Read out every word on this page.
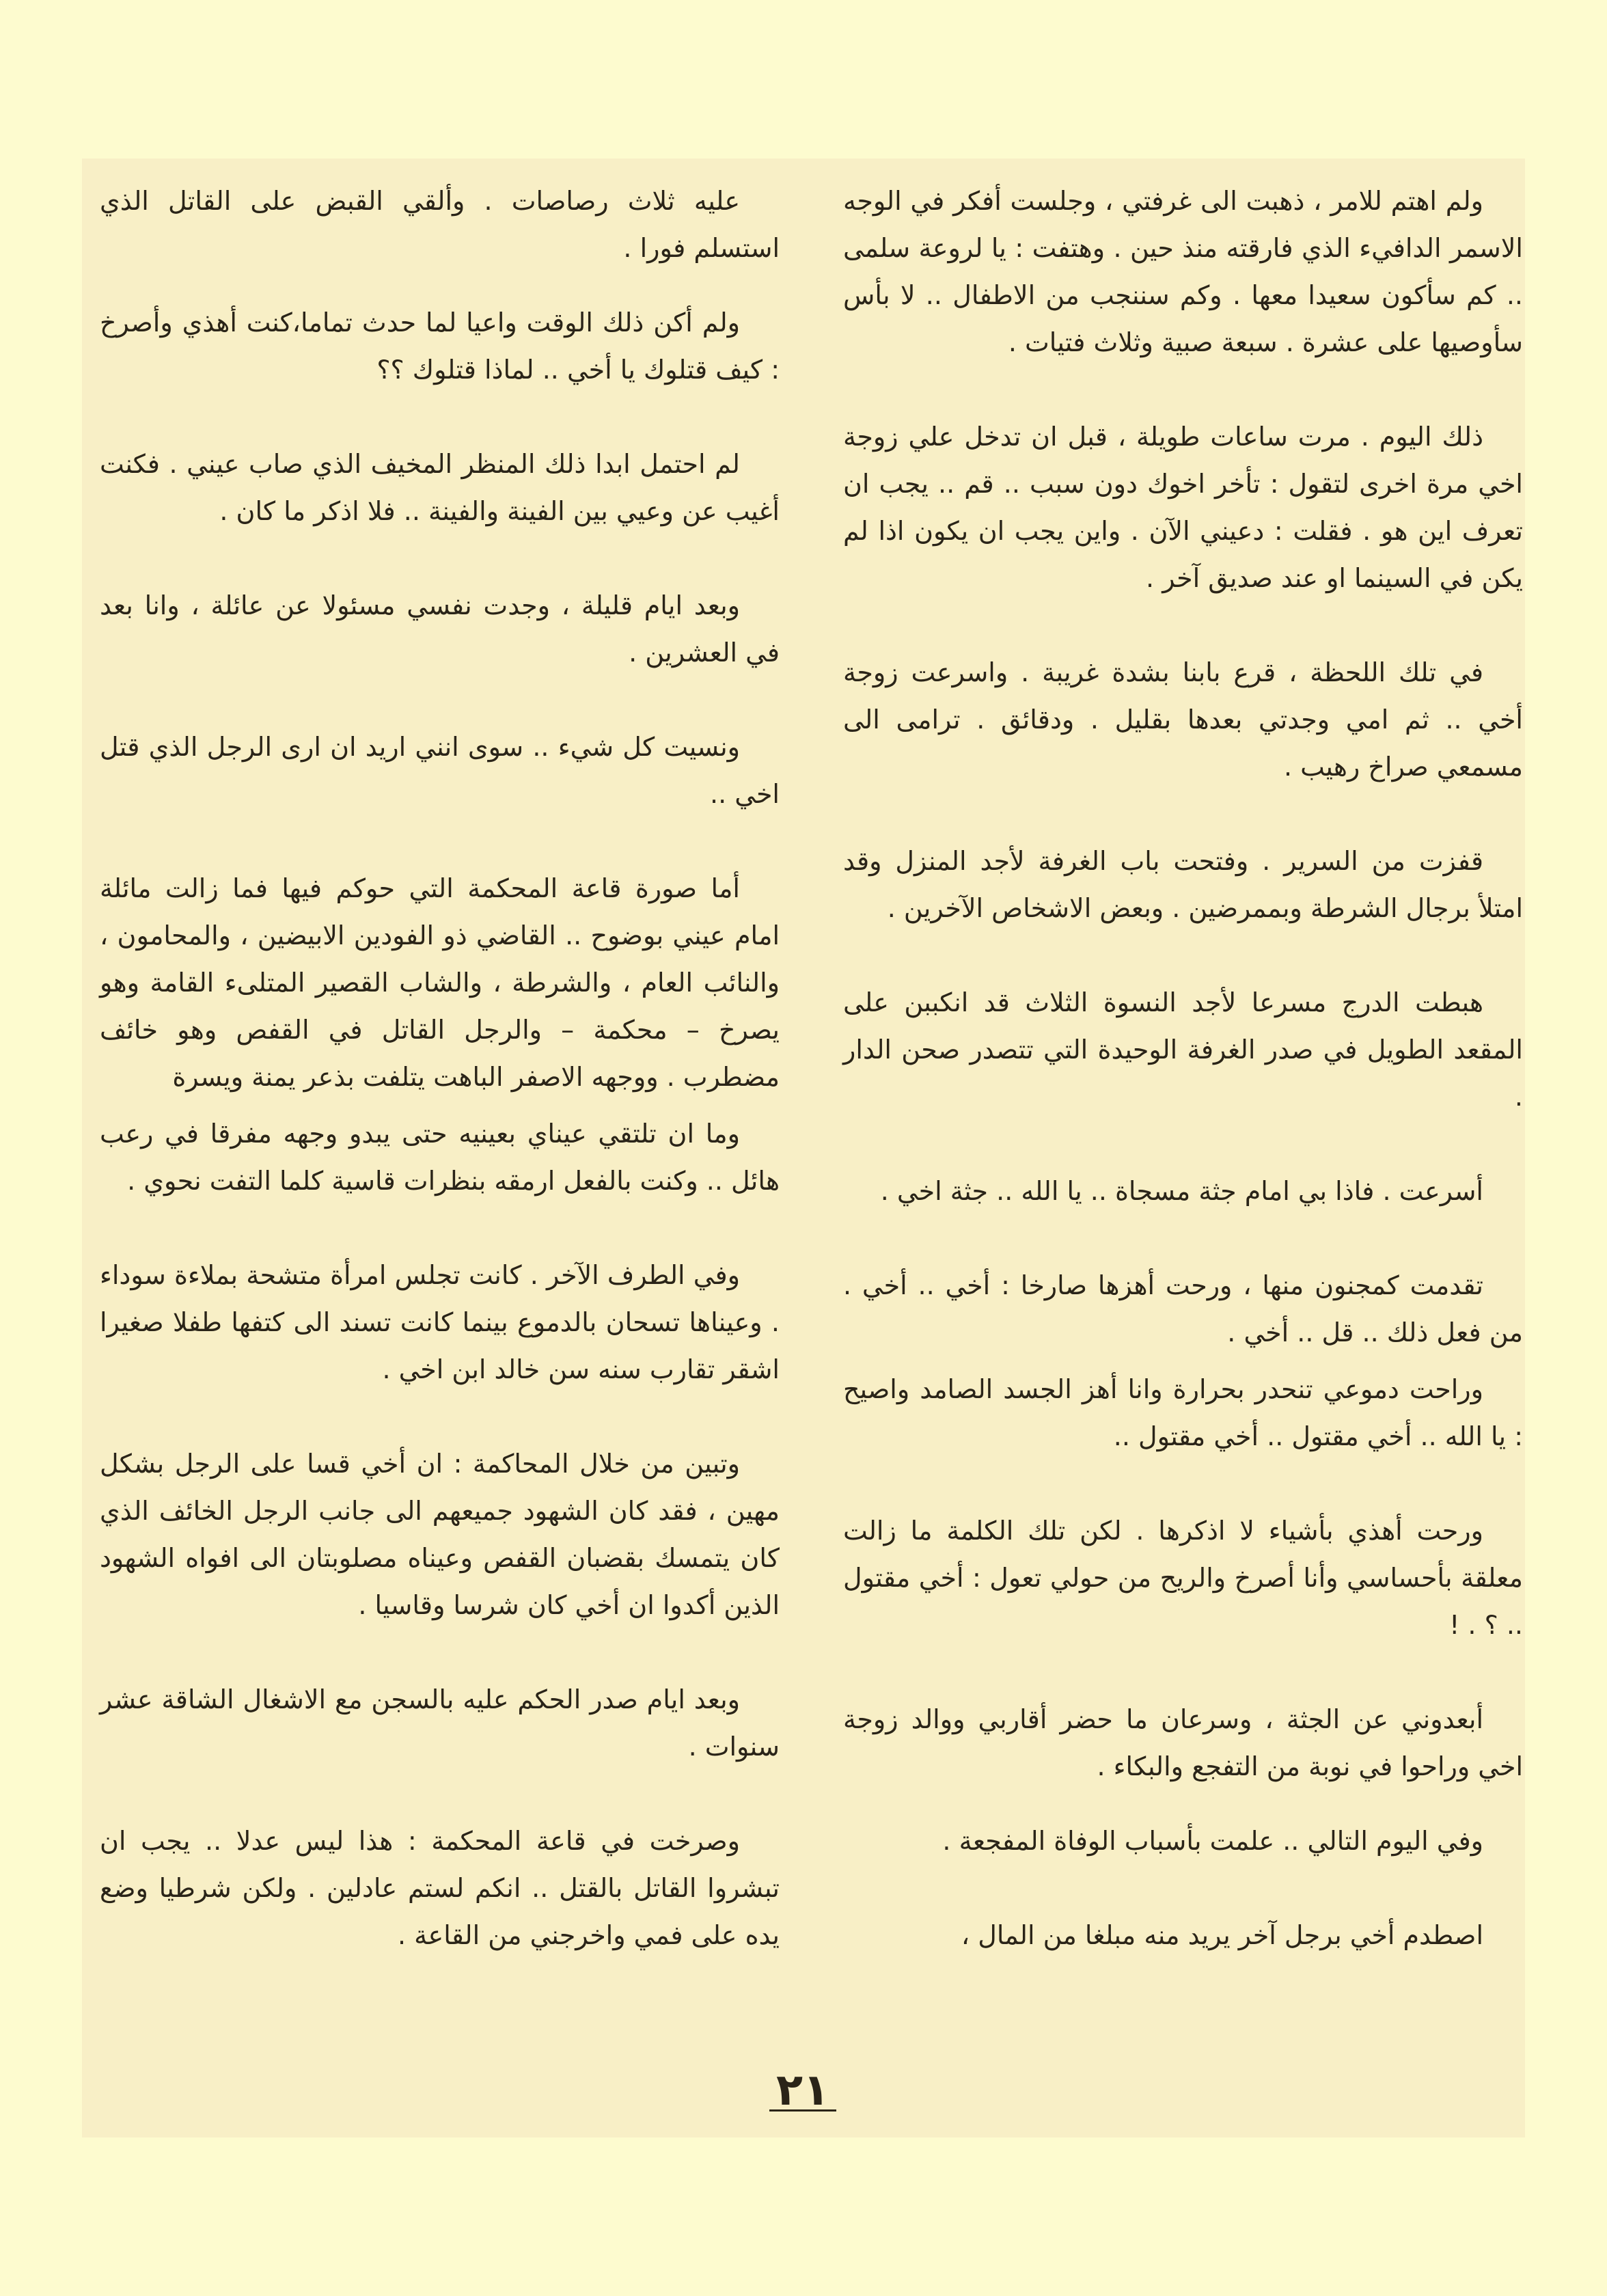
ولم اهتم للامر ، ذهبت الى غرفتي ، وجلست أفكر في الوجه الاسمر الدافيء الذي فارقته منذ حين . وهتفت : يا لروعة سلمى .. كم سأكون سعيدا معها . وكم سننجب من الاطفال .. لا بأس سأوصيها على عشرة . سبعة صبية وثلاث فتيات .

ذلك اليوم . مرت ساعات طويلة ، قبل ان تدخل علي زوجة اخي مرة اخرى لتقول : تأخر اخوك دون سبب .. قم .. يجب ان تعرف اين هو . فقلت : دعيني الآن . واين يجب ان يكون اذا لم يكن في السينما او عند صديق آخر .

في تلك اللحظة ، قرع بابنا بشدة غريبة . واسرعت زوجة أخي .. ثم امي وجدتي بعدها بقليل . ودقائق . ترامى الى مسمعي صراخ رهيب .

قفزت من السرير . وفتحت باب الغرفة لأجد المنزل وقد امتلأ برجال الشرطة وبممرضين . وبعض الاشخاص الآخرين .

هبطت الدرج مسرعا لأجد النسوة الثلاث قد انكببن على المقعد الطويل في صدر الغرفة الوحيدة التي تتصدر صحن الدار .

أسرعت . فاذا بي امام جثة مسجاة .. يا الله .. جثة اخي .

تقدمت كمجنون منها ، ورحت أهزها صارخا : أخي .. أخي . من فعل ذلك .. قل .. أخي .

وراحت دموعي تنحدر بحرارة وانا أهز الجسد الصامد واصيح : يا الله .. أخي مقتول .. أخي مقتول ..

ورحت أهذي بأشياء لا اذكرها . لكن تلك الكلمة ما زالت معلقة بأحساسي وأنا أصرخ والريح من حولي تعول : أخي مقتول .. ؟ . !

أبعدوني عن الجثة ، وسرعان ما حضر أقاربي ووالد زوجة اخي وراحوا في نوبة من التفجع والبكاء .

وفي اليوم التالي .. علمت بأسباب الوفاة المفجعة .

اصطدم أخي برجل آخر يريد منه مبلغا من المال ،

عليه ثلاث رصاصات . وألقي القبض على القاتل الذي استسلم فورا .

ولم أكن ذلك الوقت واعيا لما حدث تماما،كنت أهذي وأصرخ : كيف قتلوك يا أخي .. لماذا قتلوك ؟؟

لم احتمل ابدا ذلك المنظر المخيف الذي صاب عيني . فكنت أغيب عن وعيي بين الفينة والفينة .. فلا اذكر ما كان .

وبعد ايام قليلة ، وجدت نفسي مسئولا عن عائلة ، وانا بعد في العشرين .

ونسيت كل شيء .. سوى انني اريد ان ارى الرجل الذي قتل اخي ..

أما صورة قاعة المحكمة التي حوكم فيها فما زالت مائلة امام عيني بوضوح .. القاضي ذو الفودين الابيضين ، والمحامون ، والنائب العام ، والشرطة ، والشاب القصير المتلىء القامة وهو يصرخ – محكمة – والرجل القاتل في القفص وهو خائف مضطرب . ووجهه الاصفر الباهت يتلفت بذعر يمنة ويسرة

وما ان تلتقي عيناي بعينيه حتى يبدو وجهه مفرقا في رعب هائل .. وكنت بالفعل ارمقه بنظرات قاسية كلما التفت نحوي .

وفي الطرف الآخر . كانت تجلس امرأة متشحة بملاءة سوداء . وعيناها تسحان بالدموع بينما كانت تسند الى كتفها طفلا صغيرا اشقر تقارب سنه سن خالد ابن اخي .

وتبين من خلال المحاكمة : ان أخي قسا على الرجل بشكل مهين ، فقد كان الشهود جميعهم الى جانب الرجل الخائف الذي كان يتمسك بقضبان القفص وعيناه مصلوبتان الى افواه الشهود الذين أكدوا ان أخي كان شرسا وقاسيا .

وبعد ايام صدر الحكم عليه بالسجن مع الاشغال الشاقة عشر سنوات .

وصرخت في قاعة المحكمة : هذا ليس عدلا .. يجب ان تبشروا القاتل بالقتل .. انكم لستم عادلين . ولكن شرطيا وضع يده على فمي واخرجني من القاعة .

٢١
